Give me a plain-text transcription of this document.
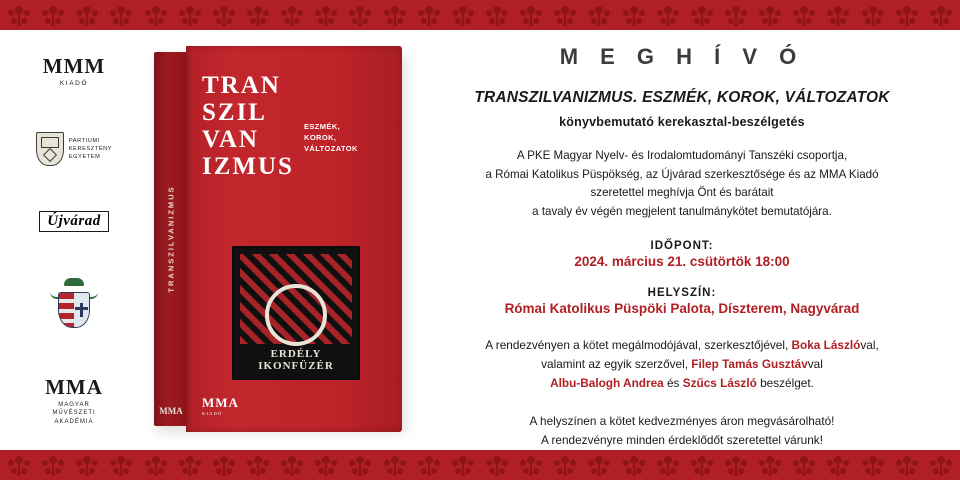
MMM
KIADÓ
PARTIUMI
KERESZTÉNY
EGYETEM
Újvárad
MMA
MAGYAR
MŰVÉSZETI
AKADÉMIA
TRANSZILVANIZMUS
MMA
TRAN
SZIL
VAN
IZMUS
ESZMÉK,
KOROK,
VÁLTOZATOK
ERDÉLY
IKONFÜZÉR
MMA
KIADÓ
M E G H Í V Ó
TRANSZILVANIZMUS. ESZMÉK, KOROK, VÁLTOZATOK
könyvbemutató kerekasztal-beszélgetés
A PKE Magyar Nyelv- és Irodalomtudományi Tanszéki csoportja,
a Római Katolikus Püspökség, az Újvárad szerkesztősége és az MMA Kiadó
szeretettel meghívja Önt és barátait
a tavaly év végén megjelent tanulmánykötet bemutatójára.
IDŐPONT:
2024. március 21. csütörtök 18:00
HELYSZÍN:
Római Katolikus Püspöki Palota, Díszterem, Nagyvárad
A rendezvényen a kötet megálmodójával, szerkesztőjével, Boka Lászlóval,
valamint az egyik szerzővel, Filep Tamás Gusztávval
Albu-Balogh Andrea és Szűcs László beszélget.
A helyszínen a kötet kedvezményes áron megvásárolható!
A rendezvényre minden érdeklődőt szeretettel várunk!
